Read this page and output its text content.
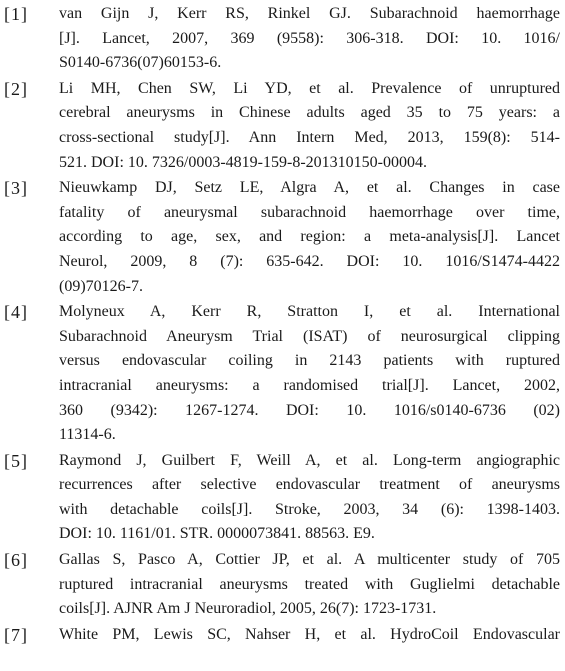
[1]	van Gijn J, Kerr RS, Rinkel GJ. Subarachnoid haemorrhage
[J]. Lancet, 2007, 369 (9558): 306-318. DOI: 10. 1016/
S0140-6736(07)60153-6.
[2]	Li MH, Chen SW, Li YD, et al. Prevalence of unruptured
cerebral aneurysms in Chinese adults aged 35 to 75 years: a
cross-sectional study[J]. Ann Intern Med, 2013, 159(8): 514-
521. DOI: 10. 7326/0003-4819-159-8-201310150-00004.
[3]	Nieuwkamp DJ, Setz LE, Algra A, et al. Changes in case
fatality of aneurysmal subarachnoid haemorrhage over time,
according to age, sex, and region: a meta-analysis[J]. Lancet
Neurol, 2009, 8 (7): 635-642. DOI: 10. 1016/S1474-4422
(09)70126-7.
[4]	Molyneux A, Kerr R, Stratton I, et al. International
Subarachnoid Aneurysm Trial (ISAT) of neurosurgical clipping
versus endovascular coiling in 2143 patients with ruptured
intracranial aneurysms: a randomised trial[J]. Lancet, 2002,
360 (9342): 1267-1274. DOI: 10. 1016/s0140-6736 (02)
11314-6.
[5]	Raymond J, Guilbert F, Weill A, et al. Long-term angiographic
recurrences after selective endovascular treatment of aneurysms
with detachable coils[J]. Stroke, 2003, 34 (6): 1398-1403.
DOI: 10. 1161/01. STR. 0000073841. 88563. E9.
[6]	Gallas S, Pasco A, Cottier JP, et al. A multicenter study of 705
ruptured intracranial aneurysms treated with Guglielmi detachable
coils[J]. AJNR Am J Neuroradiol, 2005, 26(7): 1723-1731.
[7]	White PM, Lewis SC, Nahser H, et al. HydroCoil Endovascular
